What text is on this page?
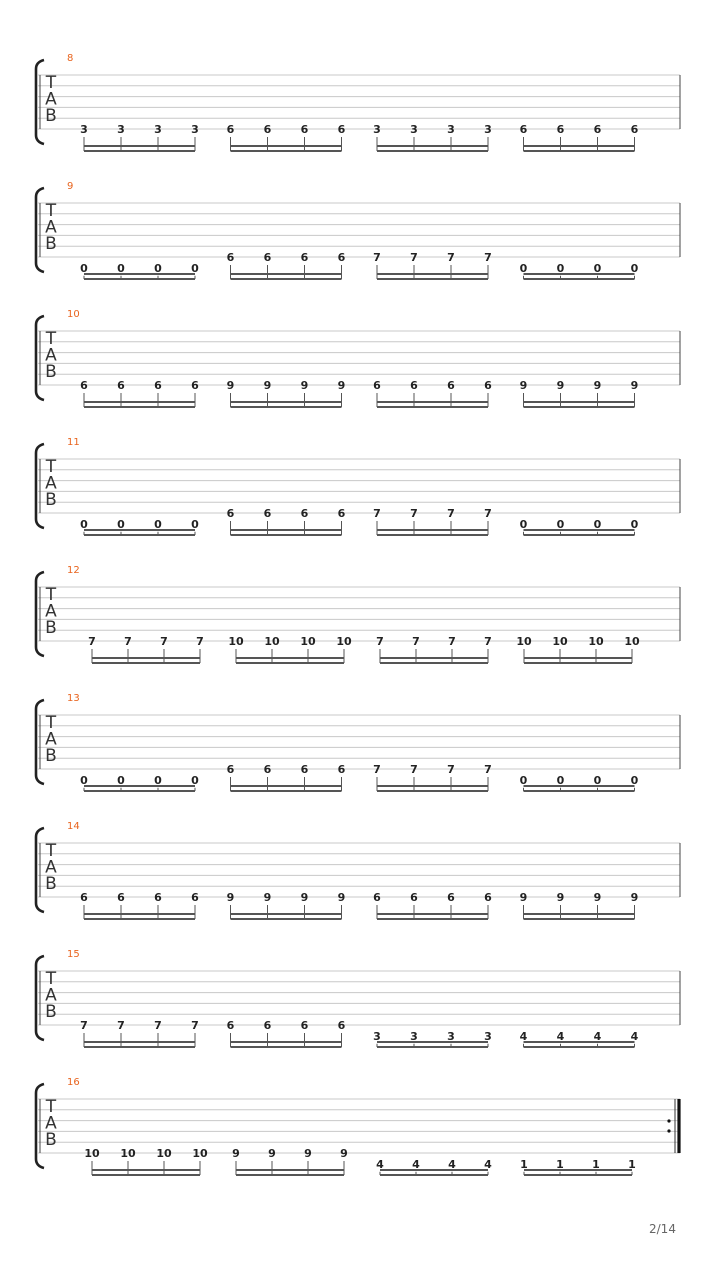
8
T
A
B
3	3	3	3	6	6	6	6	3	3	3	3	6	6	6	6
9
T
A
B
0	0	0	0
6	6	6	6	7	7	7	7
0	0	0	0
10
T
A
B
6	6	6	6	9	9	9	9	6	6	6	6	9	9	9	9
11
T
A
B
0	0	0	0
6	6	6	6	7	7	7	7
0	0	0	0
12
T
A
B
7	7	7	7 10 10 10 10 7	7	7	7 10 10 10 10
13
T
A
B
0	0	0	0
6	6	6	6	7	7	7	7
0	0	0	0
14
T
A
B
6	6	6	6	9	9	9	9	6	6	6	6	9	9	9	9
15
T
A
B
7	7	7	7	6	6	6	6
3	3	3	3	4	4	4	4
16
T
A
B
10 10 10 10 9	9	9	9
4	4	4	4	1	1	1	1
2/14
